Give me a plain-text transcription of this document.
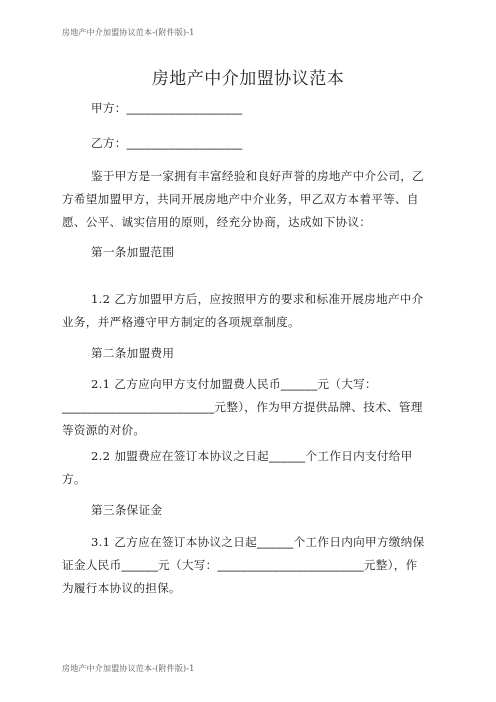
房地产中介加盟协议范本-(附件版)-1
房地产中介加盟协议范本
甲方：___________________
乙方：___________________
鉴于甲方是一家拥有丰富经验和良好声誉的房地产中介公司，乙方希望加盟甲方，共同开展房地产中介业务，甲乙双方本着平等、自愿、公平、诚实信用的原则，经充分协商，达成如下协议：
第一条加盟范围
1.2 乙方加盟甲方后，应按照甲方的要求和标准开展房地产中介业务，并严格遵守甲方制定的各项规章制度。
第二条加盟费用
2.1 乙方应向甲方支付加盟费人民币______元（大写：_________________________元整），作为甲方提供品牌、技术、管理等资源的对价。
2.2 加盟费应在签订本协议之日起______个工作日内支付给甲方。
第三条保证金
3.1 乙方应在签订本协议之日起______个工作日内向甲方缴纳保证金人民币______元（大写：________________________元整），作为履行本协议的担保。
房地产中介加盟协议范本-(附件版)-1
